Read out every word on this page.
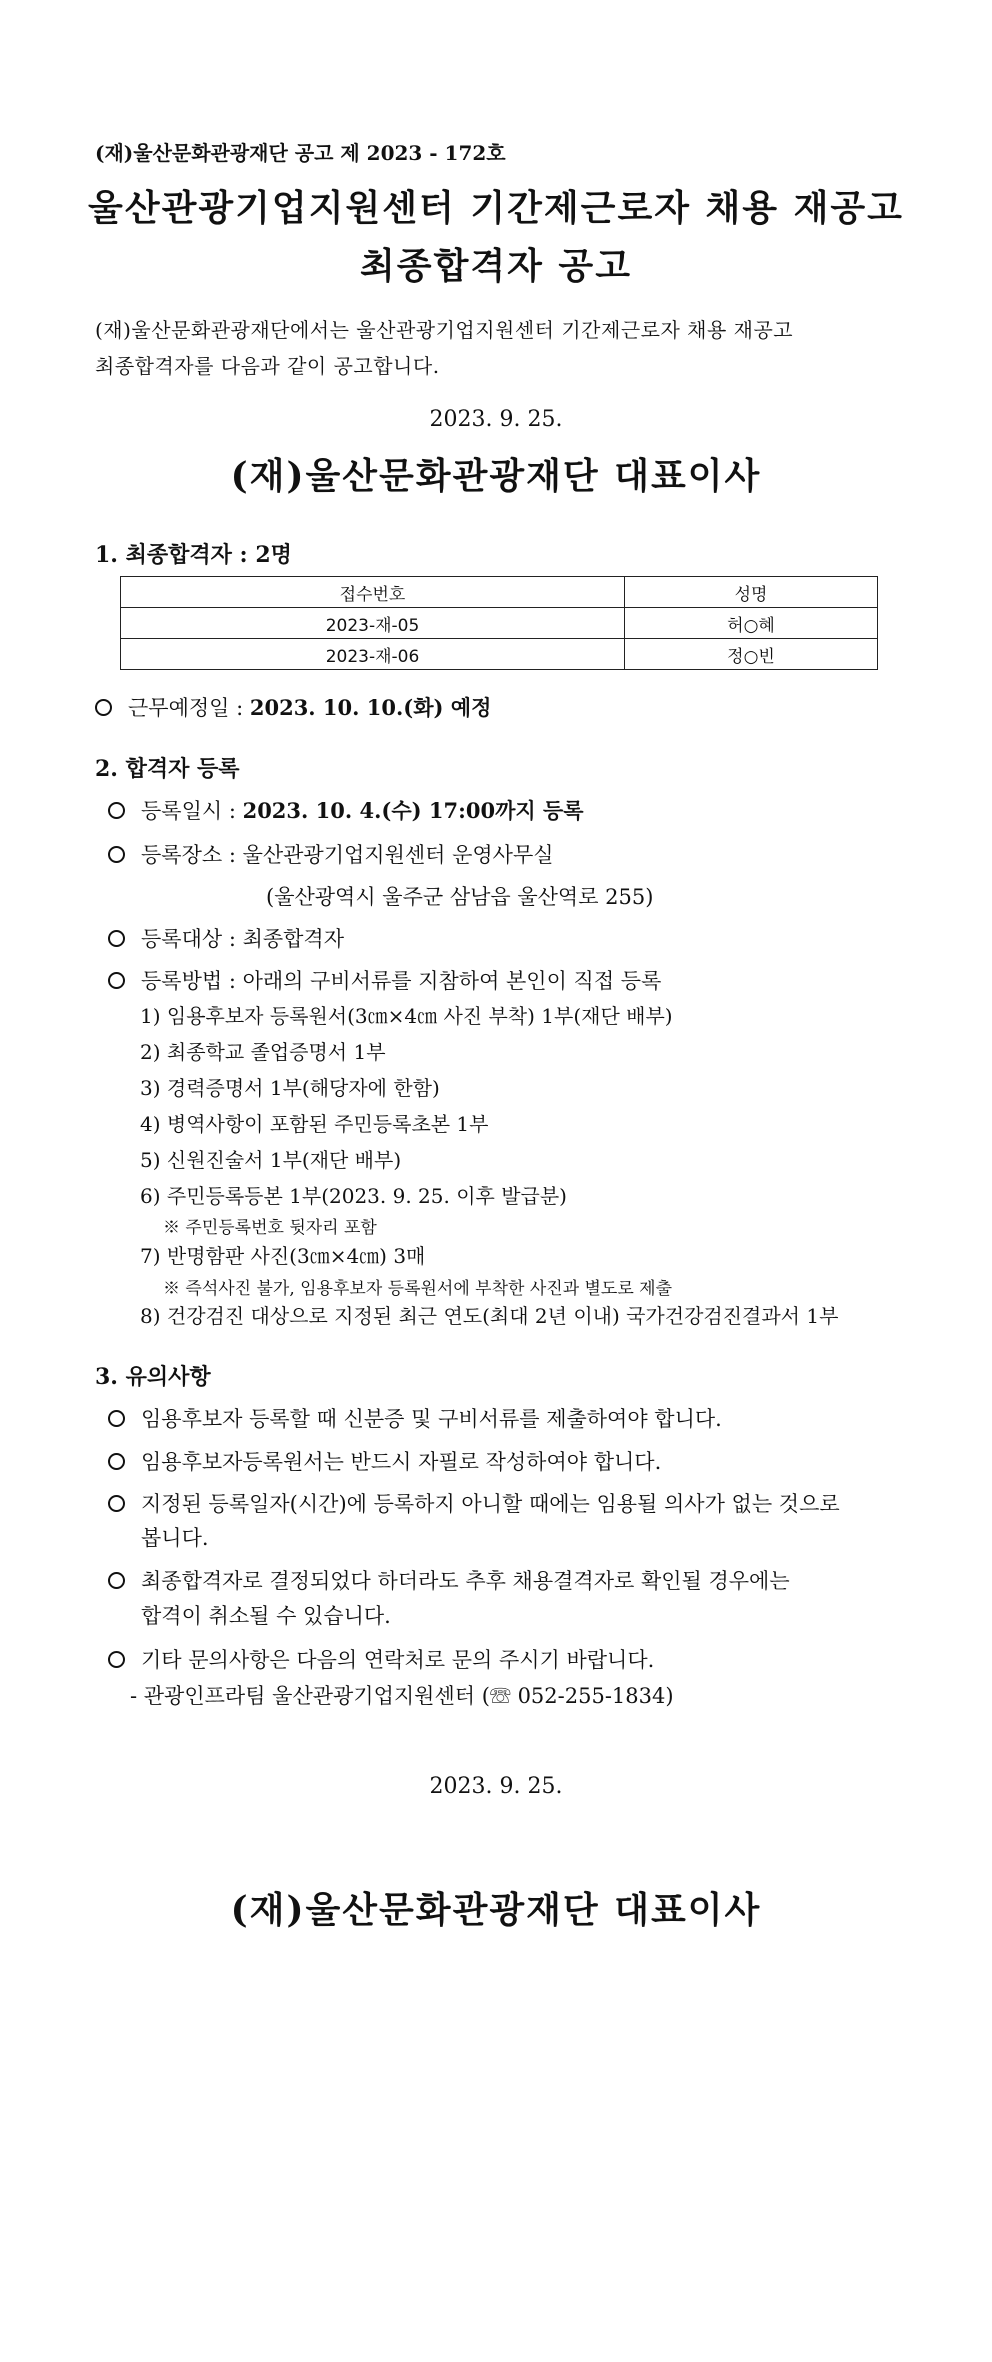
(재)울산문화관광재단 공고 제 2023 - 172호
울산관광기업지원센터 기간제근로자 채용 재공고
최종합격자 공고
(재)울산문화관광재단에서는 울산관광기업지원센터 기간제근로자 채용 재공고
최종합격자를 다음과 같이 공고합니다.
2023. 9. 25.
(재)울산문화관광재단 대표이사
1. 최종합격자 : 2명
접수번호	성명
2023-재-05	허○혜
2023-재-06	정○빈
근무예정일 : 2023. 10. 10.(화) 예정
2. 합격자 등록
등록일시 : 2023. 10. 4.(수) 17:00까지 등록
등록장소 : 울산관광기업지원센터 운영사무실
(울산광역시 울주군 삼남읍 울산역로 255)
등록대상 : 최종합격자
등록방법 : 아래의 구비서류를 지참하여 본인이 직접 등록
1) 임용후보자 등록원서(3㎝×4㎝ 사진 부착) 1부(재단 배부)
2) 최종학교 졸업증명서 1부
3) 경력증명서 1부(해당자에 한함)
4) 병역사항이 포함된 주민등록초본 1부
5) 신원진술서 1부(재단 배부)
6) 주민등록등본 1부(2023. 9. 25. 이후 발급분)
※ 주민등록번호 뒷자리 포함
7) 반명함판 사진(3㎝×4㎝) 3매
※ 즉석사진 불가, 임용후보자 등록원서에 부착한 사진과 별도로 제출
8) 건강검진 대상으로 지정된 최근 연도(최대 2년 이내) 국가건강검진결과서 1부
3. 유의사항
임용후보자 등록할 때 신분증 및 구비서류를 제출하여야 합니다.
임용후보자등록원서는 반드시 자필로 작성하여야 합니다.
지정된 등록일자(시간)에 등록하지 아니할 때에는 임용될 의사가 없는 것으로
봅니다.
최종합격자로 결정되었다 하더라도 추후 채용결격자로 확인될 경우에는
합격이 취소될 수 있습니다.
기타 문의사항은 다음의 연락처로 문의 주시기 바랍니다.
- 관광인프라팀 울산관광기업지원센터 (☏ 052-255-1834)
2023. 9. 25.
(재)울산문화관광재단 대표이사
